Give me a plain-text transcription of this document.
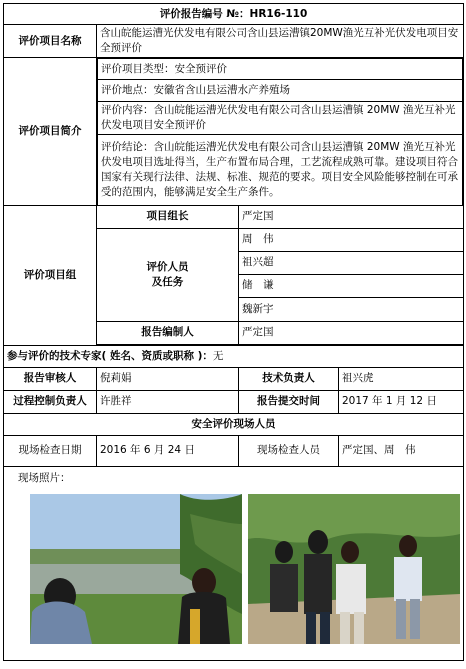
评价报告编号 №：HR16-110
评价项目名称	含山皖能运漕光伏发电有限公司含山县运漕镇20MW渔光互补光伏发电项目安全预评价
评价项目简介	
评价项目类型：安全预评价
评价地点：安徽省含山县运漕水产养殖场
评价内容：含山皖能运漕光伏发电有限公司含山县运漕镇 20MW 渔光互补光伏发电项目安全预评价
评价结论：含山皖能运漕光伏发电有限公司含山县运漕镇 20MW 渔光互补光伏发电项目选址得当，生产布置布局合理，工艺流程成熟可靠。建设项目符合国家有关现行法律、法规、标准、规范的要求。项目安全风险能够控制在可承受的范围内，能够满足安全生产条件。

评价项目组	项目组长	严定国

评价人员
及任务
	周　伟
祖兴超
储　谦
魏新宇
报告编制人	严定国

参与评价的技术专家( 姓名、资质或职称 )：无
报告审核人	倪莉娟	技术负责人	祖兴虎
过程控制负责人	许胜祥	报告提交时间	2017 年 1 月 12 日
安全评价现场人员
现场检查日期	2016 年 6 月 24 日	现场检查人员	严定国、周　伟

现场照片：
